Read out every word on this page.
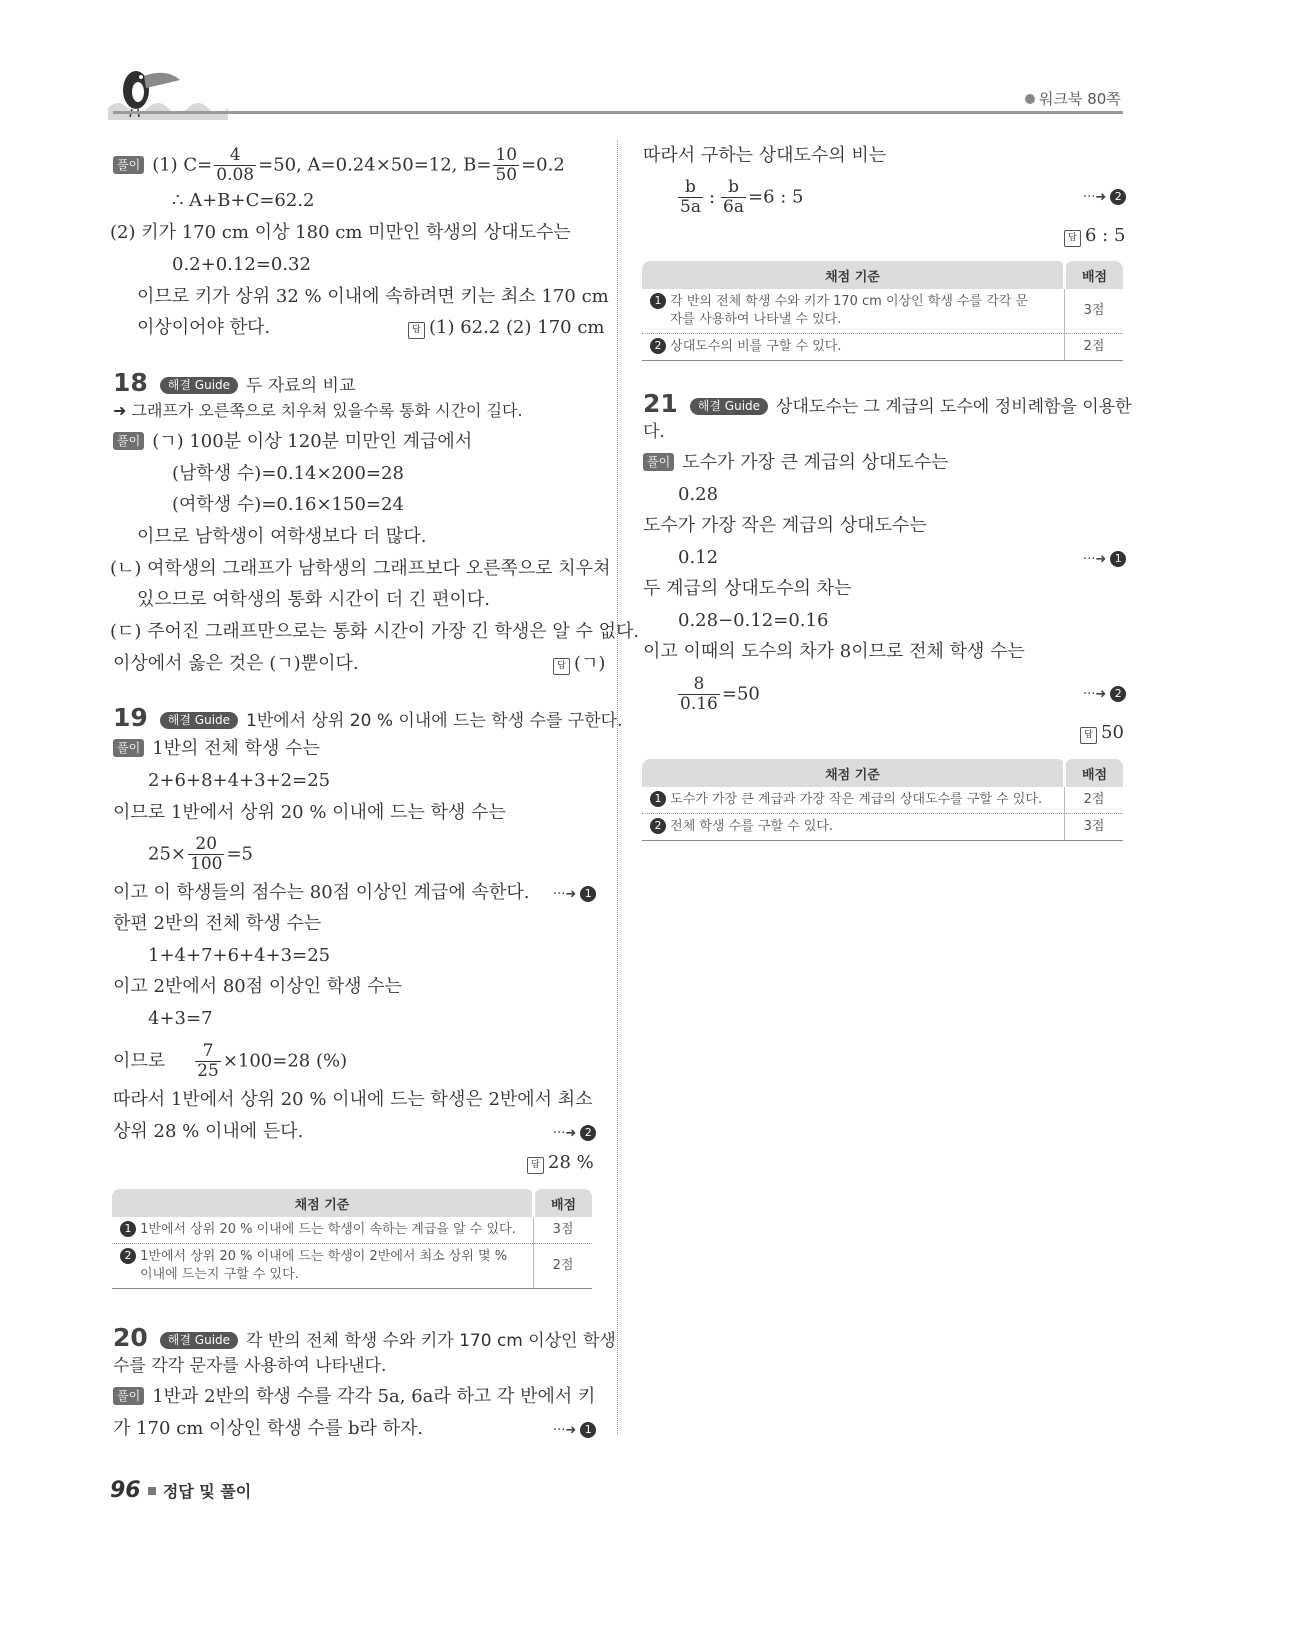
워크북 80쪽
풀이 (1) $C= \frac{4}{0.08} =50$, A=0.24×50=12, $B= \frac{10}{50} =0.2$
∴ A+B+C=62.2
(2) 키가 170 cm 이상 180 cm 미만인 학생의 상대도수는
0.2+0.12=0.32
이므로 키가 상위 32 % 이내에 속하려면 키는 최소 170 cm
이상이어야 한다.	답 (1) 62.2 (2) 170 cm
18 해결 Guide 두 자료의 비교
➜ 그래프가 오른쪽으로 치우쳐 있을수록 통화 시간이 길다.
풀이 (ㄱ) 100분 이상 120분 미만인 계급에서
(남학생 수)=0.14×200=28
(여학생 수)=0.16×150=24
이므로 남학생이 여학생보다 더 많다.
(ㄴ) 여학생의 그래프가 남학생의 그래프보다 오른쪽으로 치우쳐
있으므로 여학생의 통화 시간이 더 긴 편이다.
(ㄷ) 주어진 그래프만으로는 통화 시간이 가장 긴 학생은 알 수 없다.
이상에서 옳은 것은 (ㄱ)뿐이다.	답 (ㄱ)
19 해결 Guide 1반에서 상위 20 % 이내에 드는 학생 수를 구한다.
풀이 1반의 전체 학생 수는
2+6+8+4+3+2=25
이므로 1반에서 상위 20 % 이내에 드는 학생 수는
$25\times \frac{20}{100} =5$
이고 이 학생들의 점수는 80점 이상인 계급에 속한다. ···➜ 1
한편 2반의 전체 학생 수는
1+4+7+6+4+3=25
이고 2반에서 80점 이상인 학생 수는
4+3=7
이므로 $\frac{7}{25} \times 100=28$ (%)
따라서 1반에서 상위 20 % 이내에 드는 학생은 2반에서 최소
상위 28 % 이내에 든다.	···➜ 2
답 28 %
채점 기준	배점
1 1반에서 상위 20 % 이내에 드는 학생이 속하는 계급을 알 수 있다.	3점
2 1반에서 상위 20 % 이내에 드는 학생이 2반에서 최소 상위 몇 %
이내에 드는지 구할 수 있다.	2점
20 해결 Guide 각 반의 전체 학생 수와 키가 170 cm 이상인 학생
수를 각각 문자를 사용하여 나타낸다.
풀이 1반과 2반의 학생 수를 각각 5a, 6a라 하고 각 반에서 키
가 170 cm 이상인 학생 수를 b라 하자.	···➜ 1
따라서 구하는 상대도수의 비는
$\frac{b}{5a}$ : $\frac{b}{6a} =6$ : 5	···➜ 2
답 6 : 5
채점 기준	배점
1 각 반의 전체 학생 수와 키가 170 cm 이상인 학생 수를 각각 문
자를 사용하여 나타낼 수 있다.	3점
2 상대도수의 비를 구할 수 있다.	2점
21 해결 Guide 상대도수는 그 계급의 도수에 정비례함을 이용한
다.
풀이 도수가 가장 큰 계급의 상대도수는
0.28
도수가 가장 작은 계급의 상대도수는
0.12	···➜ 1
두 계급의 상대도수의 차는
0.28−0.12=0.16
이고 이때의 도수의 차가 8이므로 전체 학생 수는
$\frac{8}{0.16} =50$	···➜ 2
답 50
채점 기준	배점
1 도수가 가장 큰 계급과 가장 작은 계급의 상대도수를 구할 수 있다.	2점
2 전체 학생 수를 구할 수 있다.	3점
96 정답 및 풀이
